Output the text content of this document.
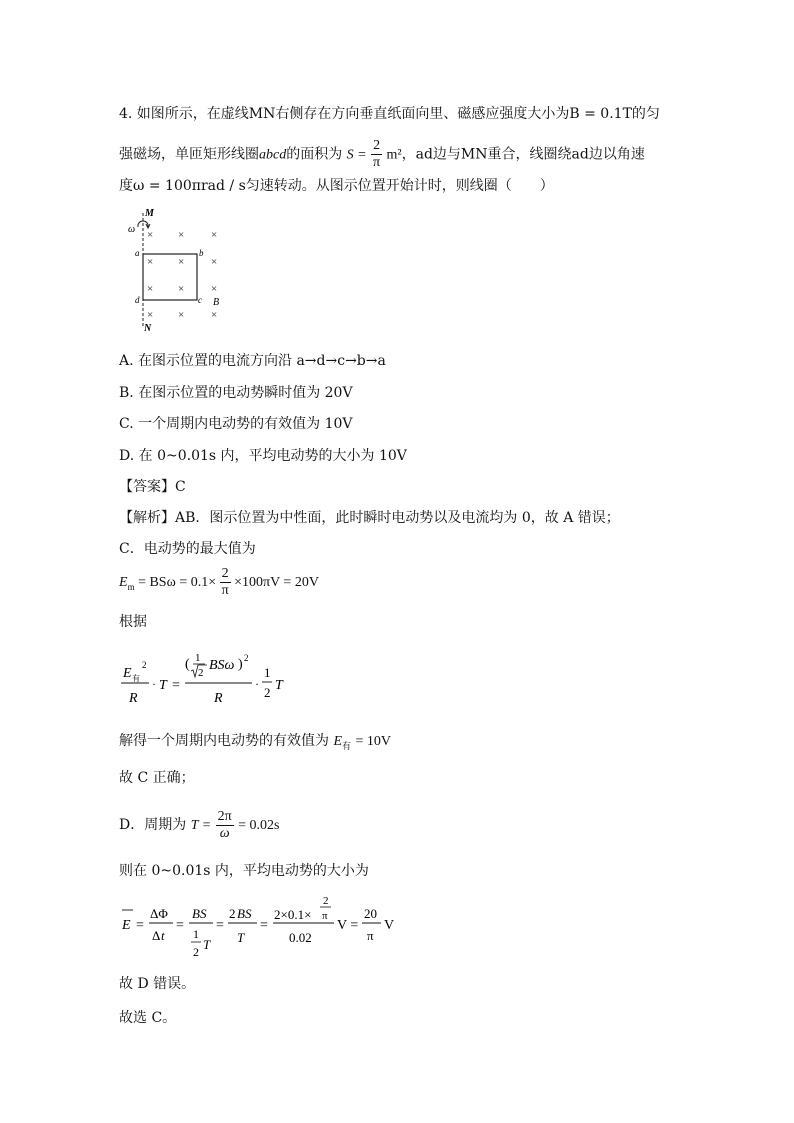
4. 如图所示，在虚线MN右侧存在方向垂直纸面向里、磁感应强度大小为B = 0.1T的匀
强磁场，单匝矩形线圈abcd的面积为 $S = \frac{2}{\pi} m^2$，ad边与MN重合，线圈绕ad边以角速
度ω = 100πrad / s匀速转动。从图示位置开始计时，则线圈（　　）
M
ω
a	b
c
d	B
N
× × ×
× × ×
× × ×
× × ×
A. 在图示位置的电流方向沿 a→d→c→b→a
B. 在图示位置的电动势瞬时值为 20V
C. 一个周期内电动势的有效值为 10V
D. 在 0~0.01s 内，平均电动势的大小为 10V
【答案】C
【解析】AB．图示位置为中性面，此时瞬时电动势以及电流均为 0，故 A 错误；
C．电动势的最大值为
$E_m = BS\omega = 0.1\times \frac{2}{\pi} \times 100\pi V = 20V$
根据
E 有
2
R
· T =
( 1
2 BSω ) 2
R
·
1
2 T
解得一个周期内电动势的有效值为 $E_有 = 10V$
故 C 正确；
D．周期为 $T = \frac{2\pi}{\omega} = 0.02s$
则在 0~0.01s 内，平均电动势的大小为
E =
ΔΦ
Δ t
=
BS
1
2 T
=
2 BS
T
=
2×0.1×
2
π
0.02
V =
20
π
V
故 D 错误。
故选 C。
